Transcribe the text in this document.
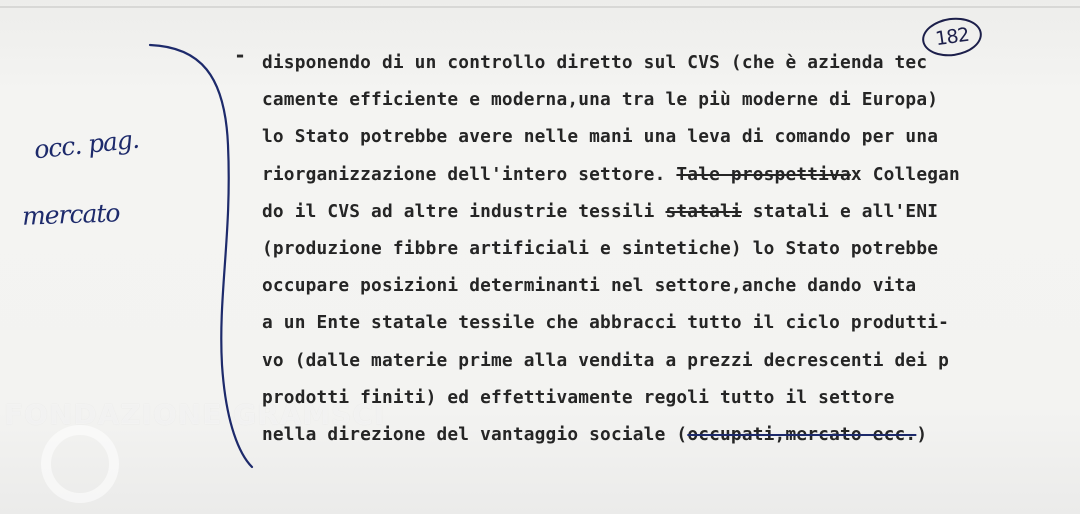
FONDAZIONE GRAMSCI
182
occ. pag.
mercato
- disponendo di un controllo diretto sul CVS (che è azienda tec
camente efficiente e moderna,una tra le più moderne di Europa)
lo Stato potrebbe avere nelle mani una leva di comando per una
riorganizzazione dell'intero settore. Tale prospettivax Collegan
do il CVS ad altre industrie tessili statali statali e all'ENI
(produzione fibbre artificiali e sintetiche) lo Stato potrebbe
occupare posizioni determinanti nel settore,anche dando vita
a un Ente statale tessile che abbracci tutto il ciclo produtti-
vo (dalle materie prime alla vendita a prezzi decrescenti dei p
prodotti finiti) ed effettivamente regoli tutto il settore
nella direzione del vantaggio sociale (occupati,mercato ecc.)
